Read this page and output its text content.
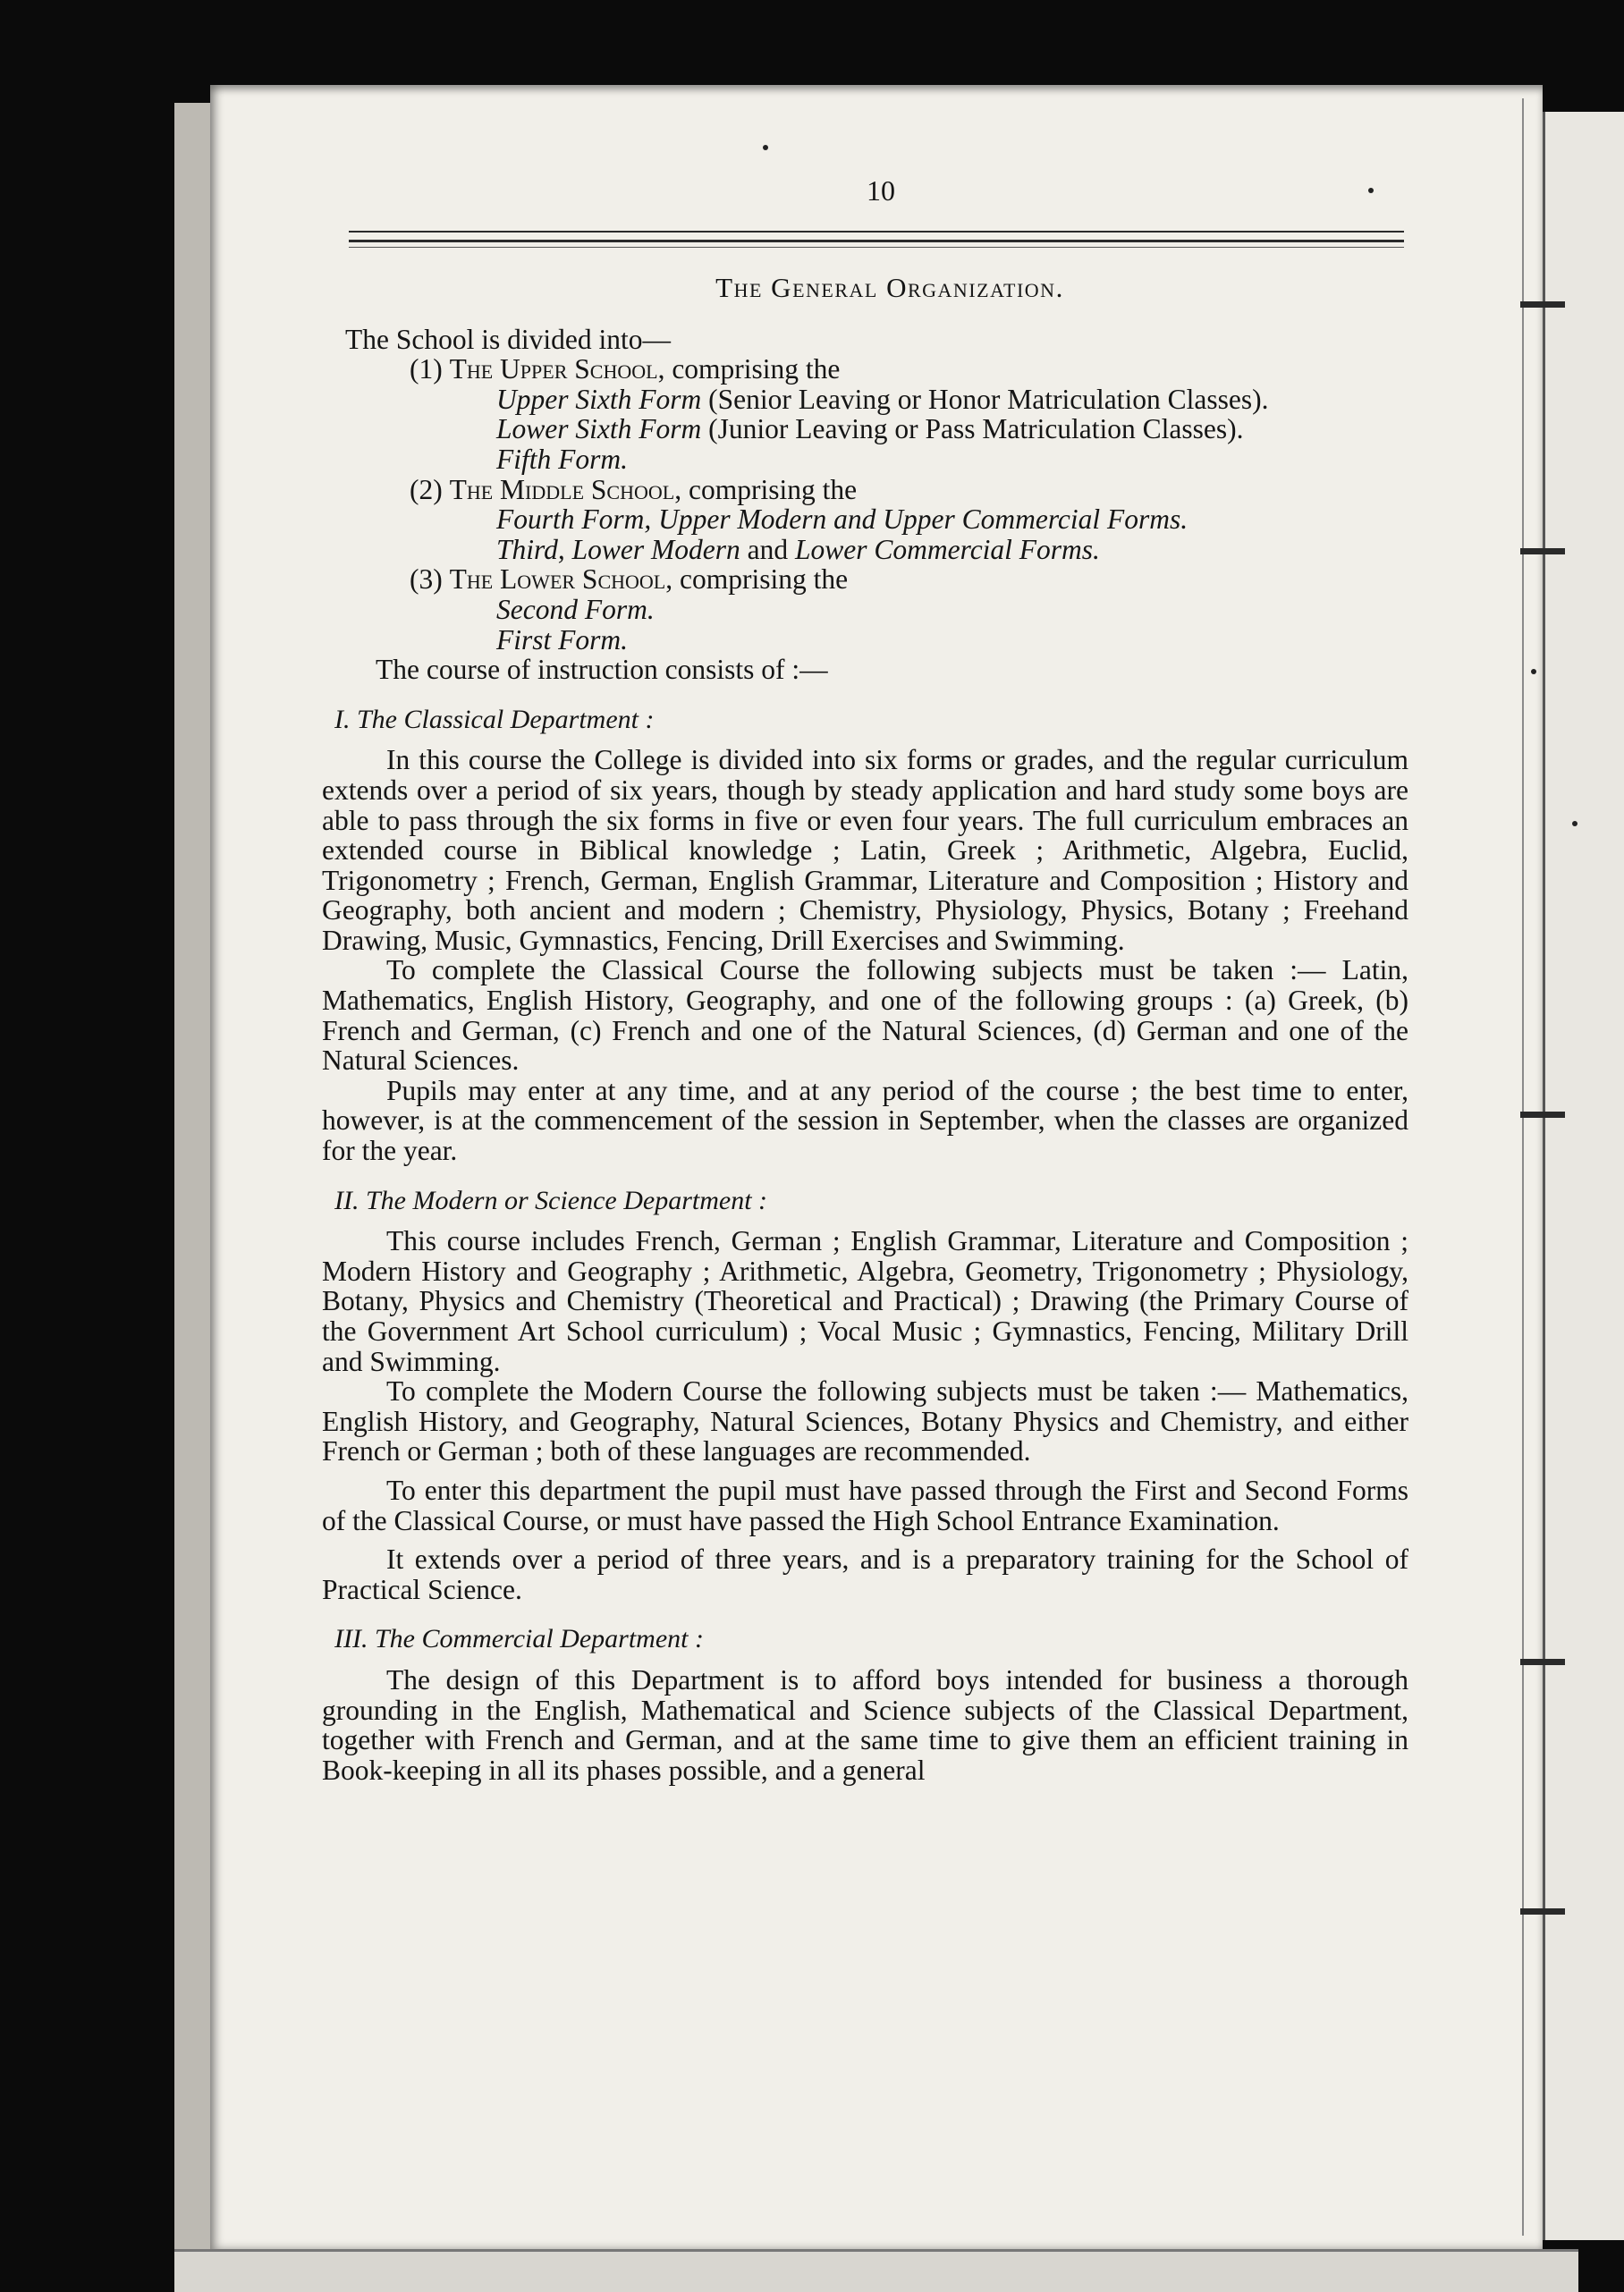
10
The General Organization.

The School is divided into—

(1) The Upper School, comprising the

Upper Sixth Form (Senior Leaving or Honor Matriculation Classes).

Lower Sixth Form (Junior Leaving or Pass Matriculation Classes).

Fifth Form.

(2) The Middle School, comprising the

Fourth Form, Upper Modern and Upper Commercial Forms.

Third, Lower Modern and Lower Commercial Forms.

(3) The Lower School, comprising the

Second Form.

First Form.

The course of instruction consists of :—

I. The Classical Department :

In this course the College is divided into six forms or grades, and the regular curriculum extends over a period of six years, though by steady application and hard study some boys are able to pass through the six forms in five or even four years. The full curriculum embraces an extended course in Biblical knowledge ; Latin, Greek ; Arithmetic, Algebra, Euclid, Trigonometry ; French, German, English Grammar, Literature and Composition ; History and Geography, both ancient and modern ; Chemistry, Physiology, Physics, Botany ; Freehand Drawing, Music, Gymnastics, Fencing, Drill Exercises and Swimming.

To complete the Classical Course the following subjects must be taken :— Latin, Mathematics, English History, Geography, and one of the following groups : (a) Greek, (b) French and German, (c) French and one of the Natural Sciences, (d) German and one of the Natural Sciences.

Pupils may enter at any time, and at any period of the course ; the best time to enter, however, is at the commencement of the session in September, when the classes are organized for the year.

II. The Modern or Science Department :

This course includes French, German ; English Grammar, Literature and Composition ; Modern History and Geography ; Arithmetic, Algebra, Geometry, Trigonometry ; Physiology, Botany, Physics and Chemistry (Theoretical and Practical) ; Drawing (the Primary Course of the Government Art School curriculum) ; Vocal Music ; Gymnastics, Fencing, Military Drill and Swimming.

To complete the Modern Course the following subjects must be taken :— Mathematics, English History, and Geography, Natural Sciences, Botany Physics and Chemistry, and either French or German ; both of these languages are recommended.

To enter this department the pupil must have passed through the First and Second Forms of the Classical Course, or must have passed the High School Entrance Examination.

It extends over a period of three years, and is a preparatory training for the School of Practical Science.

III. The Commercial Department :

The design of this Department is to afford boys intended for business a thorough grounding in the English, Mathematical and Science subjects of the Classical Department, together with French and German, and at the same time to give them an efficient training in Book-keeping in all its phases possible, and a general
